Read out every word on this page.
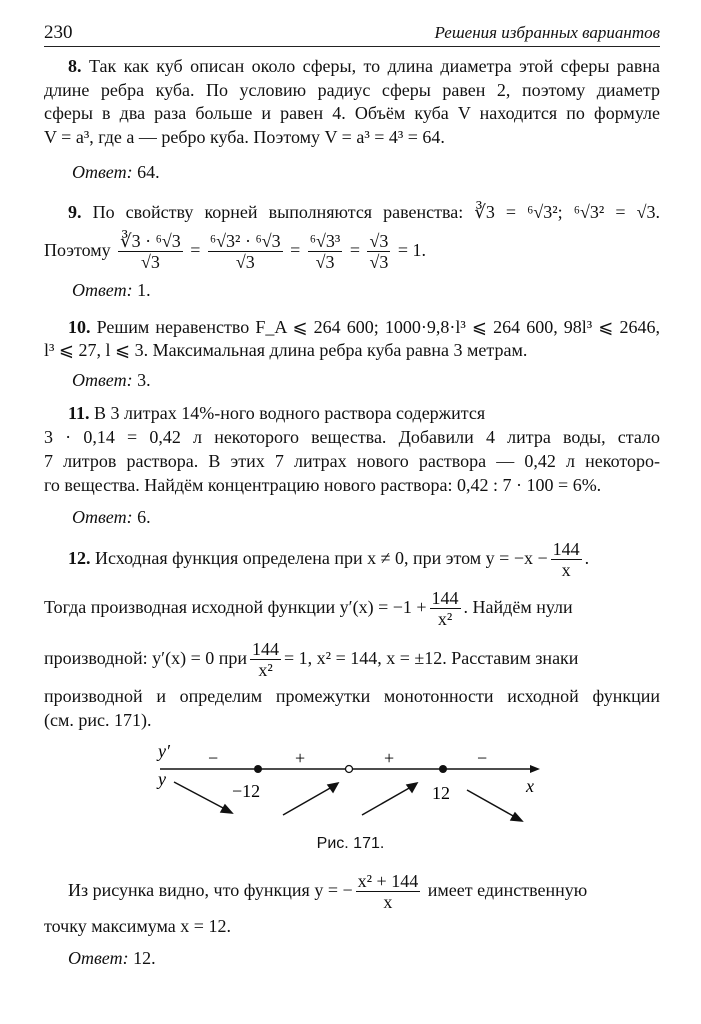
230	Решения избранных вариантов
8. Так как куб описан около сферы, то длина диаметра этой сферы равна
длине ребра куба. По условию радиус сферы равен 2, поэтому диаметр
сферы в два раза больше и равен 4. Объём куба V находится по формуле
V = a³, где a — ребро куба. Поэтому V = a³ = 4³ = 64.
Ответ: 64.
9. По свойству корней выполняются равенства: ∛3 = ⁶√3²; ⁶√3² = √3.
Поэтому $\frac{\text{∛3 · ⁶√3}}{√3} = \frac{\text{⁶√3² · ⁶√3}}{√3} = \frac{\text{⁶√3³}}{√3} = \frac{√3}{√3} = 1$.
Ответ: 1.
10. Решим неравенство F_A ⩽ 264 600; 1000·9,8·l³ ⩽ 264 600, 98l³ ⩽ 2646,
l³ ⩽ 27, l ⩽ 3. Максимальная длина ребра куба равна 3 метрам.
Ответ: 3.
11. В 3 литрах 14%-ного водного раствора содержится
3 · 0,14 = 0,42 л некоторого вещества. Добавили 4 литра воды, стало
7 литров раствора. В этих 7 литрах нового раствора — 0,42 л некоторо-
го вещества. Найдём концентрацию нового раствора: 0,42 : 7 · 100 = 6%.
Ответ: 6.
12. Исходная функция определена при x ≠ 0, при этом $y = -x - \frac{144}{x}$ .
Тогда производная исходной функции $y'(x) = -1 + \frac{144}{\text{x²}}$ . Найдём нули
производной: y′(x) = 0 при $\frac{144}{\text{x²}} = 1$, x² = 144, x = ±12. Расставим знаки
производной и определим промежутки монотонности исходной функции
(см. рис. 171).
y′
y	x
−	+	+	−
−12	12
Рис. 171.
Из рисунка видно, что функция y = − $\frac{\text{x² + 144}}{x}$ имеет единственную
точку максимума x = 12.
Ответ: 12.
